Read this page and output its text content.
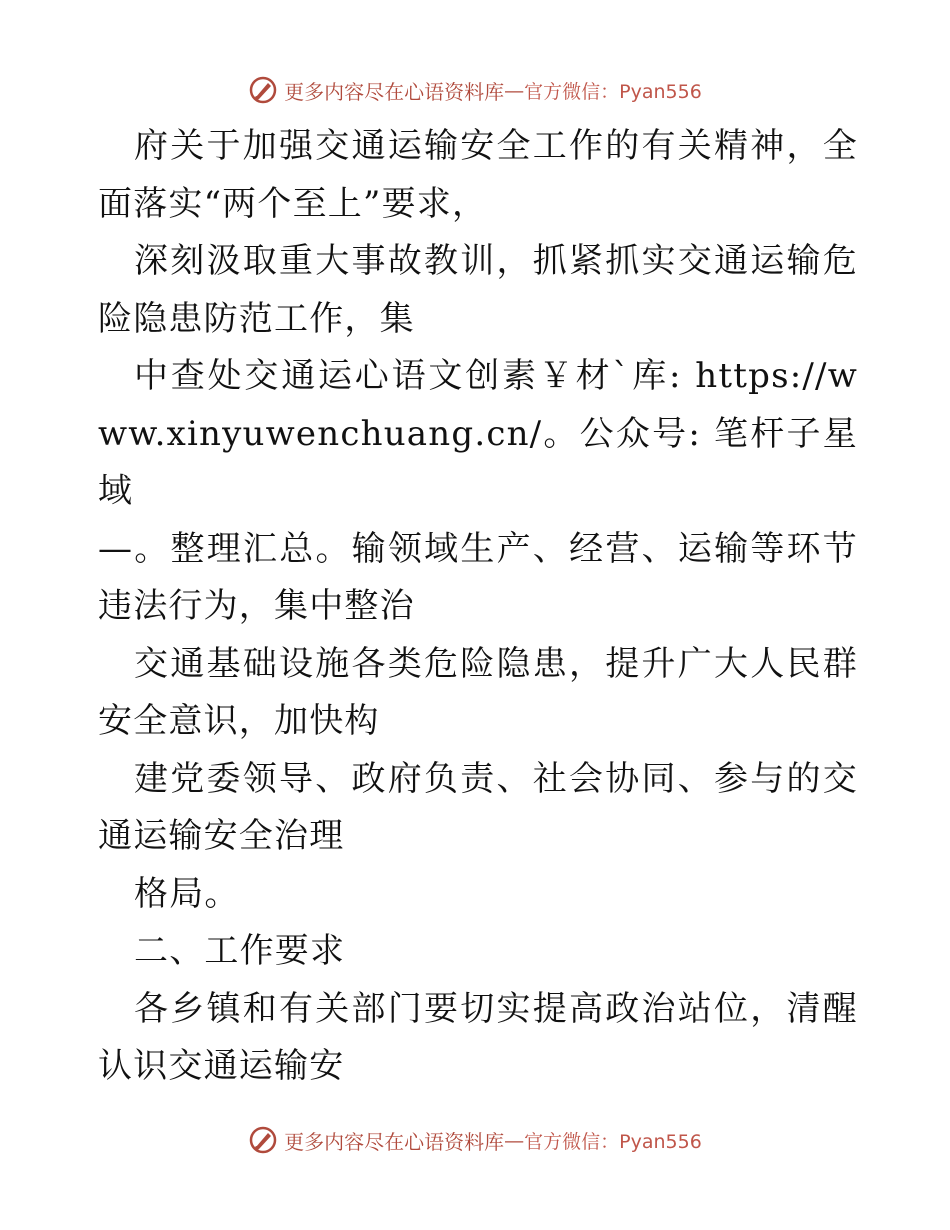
更多内容尽在心语资料库 — 官方微信：Pyan556

府关于加强交通运输安全工作的有关精神，全面落实“两个至上”要求，

深刻汲取重大事故教训，抓紧抓实交通运输危险隐患防范工作，集

中查处交通运心语文创素￥材`库: https://www.xinyuwenchuang.cn/。公众号: 笔杆子星域

—。整理汇总。输领域生产、经营、运输等环节违法行为，集中整治

交通基础设施各类危险隐患，提升广大人民群安全意识，加快构

建党委领导、政府负责、社会协同、参与的交通运输安全治理

格局。

二、工作要求

各乡镇和有关部门要切实提高政治站位，清醒认识交通运输安

更多内容尽在心语资料库 — 官方微信：Pyan556
